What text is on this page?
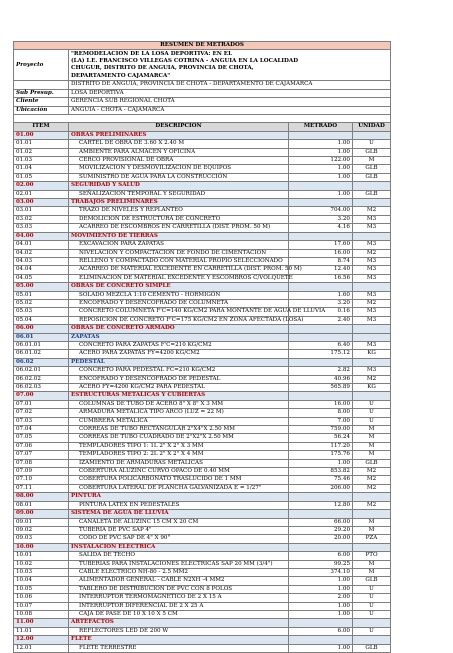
RESUMEN DE METRADOS			
Proyecto	"REMODELACION DE LA LOSA DEPORTIVA: EN EL
(LA) I.E. FRANCISCO VILLEGAS COTRINA - ANGUIA EN LA LOCALIDAD
CHUGUR, DISTRITO DE ANGUIA, PROVINCIA DE CHOTA,
DEPARTAMENTO CAJAMARCA"		

	DISTRITO DE ANGUIA, PROVINCIA DE CHOTA - DEPARTAMENTO DE CAJAMARCA		
Sub Presup.	LOSA DEPORTIVA		
Cliente	GERENCIA SUB REGIONAL CHOTA		
Ubicación	ANGUIA - CHOTA - CAJAMARCA		

ITEM	DESCRIPCION	METRADO	UNIDAD
01.00	OBRAS PRELIMINARES		
01.01	CARTEL DE OBRA DE 3.60 X 2.40 M	1.00	U
01.02	AMBIENTE PARA ALMACEN Y OFICINA	1.00	GLB
01.03	CERCO PROVISIONAL DE OBRA	122.00	M
01.04	MOVILIZACION Y DESMOVILIZACION DE EQUIPOS	1.00	GLB
01.05	SUMINISTRO DE AGUA PARA LA CONSTRUCCIÓN	1.00	GLB
02.00	SEGURIDAD Y SALUD		
02.01	SEÑALIZACION TEMPORAL Y SEGURIDAD	1.00	GLB
03.00	TRABAJOS PRELIMINARES		
03.01	TRAZO DE NIVELES Y REPLANTEO	704.00	M2
03.02	DEMOLICION DE ESTRUCTURA DE CONCRETO	3.20	M3
03.03	ACARREO DE ESCOMBROS EN CARRETILLA (DIST. PROM. 50 M)	4.16	M3
04.00	MOVIMIENTO DE TIERRAS		
04.01	EXCAVACION PARA ZAPATAS	17.60	M3
04.02	NIVELACION Y COMPACTACION DE FONDO DE CIMENTACION	16.00	M2
04.03	RELLENO Y COMPACTADO CON MATERIAL PROPIO SELECCIONADO	8.74	M3
04.04	ACARREO DE MATERIAL EXCEDENTE EN CARRETILLA (DIST. PROM. 50 M)	12.40	M3
04.05	ELIMINACION DE MATERIAL EXCEDENTE Y ESCOMBROS C/VOLQUETE	16.56	M3
05.00	OBRAS DE CONCRETO SIMPLE		
05.01	SOLADO MEZCLA 1:10 CEMENTO - HORMIGÓN	1.60	M3
05.02	ENCOFRADO Y DESENCOFRADO DE COLUMNETA	3.20	M2
05.03	CONCRETO COLUMNETA F'C=140 KG/CM2 PARA MONTANTE DE AGUA DE LLUVIA	0.16	M3
05.04	REPOSICION DE CONCRETO F'C=175 KG/CM2 EN ZONA AFECTADA (LOSA)	2.40	M3
06.00	OBRAS DE CONCRETO ARMADO		
06.01	ZAPATAS		
06.01.01	CONCRETO PARA ZAPATAS F'C=210 KG/CM2	6.40	M3
06.01.02	ACERO PARA ZAPATAS FY=4200 KG/CM2	175.12	KG
06.02	PEDESTAL		
06.02.01	CONCRETO PARA PEDESTAL FC=210 KG/CM2	2.82	M3
06.02.02	ENCOFRADO Y DESENCOFRADO DE PEDESTAL	40.96	M2
06.02.03	ACERO FY=4200 KG/CM2 PARA PEDESTAL	565.89	KG
07.00	ESTRUCTURAS METALICAS Y CUBIERTAS		
07.01	COLUMNAS DE TUBO DE ACERO 8" X 8" X 3 MM	16.00	U
07.02	ARMADURA METALICA TIPO ARCO (LUZ = 22 M)	8.00	U
07.03	CUMBRERA METALICA	7.00	U
07.04	CORREAS DE TUBO RECTANGULAR 2"X4"X 2.50 MM	759.00	M
07.05	CORREAS DE TUBO CUADRADO DE 2"X2"X 2.50 MM	56.24	M
07.06	TEMPLADORES TIPO 1: 1L 2" X 2" X 3 MM	117.20	M
07.07	TEMPLADORES TIPO 2: 2L 2" X 2" X 4 MM	175.76	M
07.08	IZAMIENTO DE ARMADURAS METALICAS	1.00	GLB
07.09	COBERTURA ALUZINC CURVO OPACO DE 0.40 MM	853.82	M2
07.10	COBERTURA POLICARBONATO TRASLUCIDO DE 1 MM	75.46	M2
07.11	COBERTURA LATERAL DE PLANCHA GALVANIZADA E = 1/27"	206.00	M2
08.00	PINTURA		
08.01	PINTURA LATEX EN PEDESTALES	12.80	M2
09.00	SISTEMA DE AGUA DE LLUVIA		
09.01	CANALETA DE ALUZINC 15 CM X 20 CM	66.00	M
09.02	TUBERIA DE PVC SAP 4"	29.20	M
09.03	CODO DE PVC SAP DE 4" X 90°	20.00	PZA
10.00	INSTALACION ELECTRICA		
10.01	SALIDA DE TECHO	6.00	PTO
10.02	TUBERIAS PARA INSTALACIONES ELECTRICAS SAP 20 MM (3/4")	99.25	M
10.03	CABLE ELECTRICO NH-80 - 2.5 MM2	374.10	M
10.04	ALIMENTADOR GENERAL - CABLE N2XH -4 MM2	1.00	GLB
10.05	TABLERO DE DISTRIBUCION DE PVC CON 8 POLOS	1.00	U
10.06	INTERRUPTOR TERMOMAGNETICO DE 2 X 15 A	2.00	U
10.07	INTERRUPTOR DIFERENCIAL DE 2 X 25 A	1.00	U
10.08	CAJA DE PASE DE 10 X 10 X 5 CM	1.00	U
11.00	ARTEFACTOS		
11.01	REFLECTORES LED DE 200 W	6.00	U
12.00	FLETE		
12.01	FLETE TERRESTRE	1.00	GLB
